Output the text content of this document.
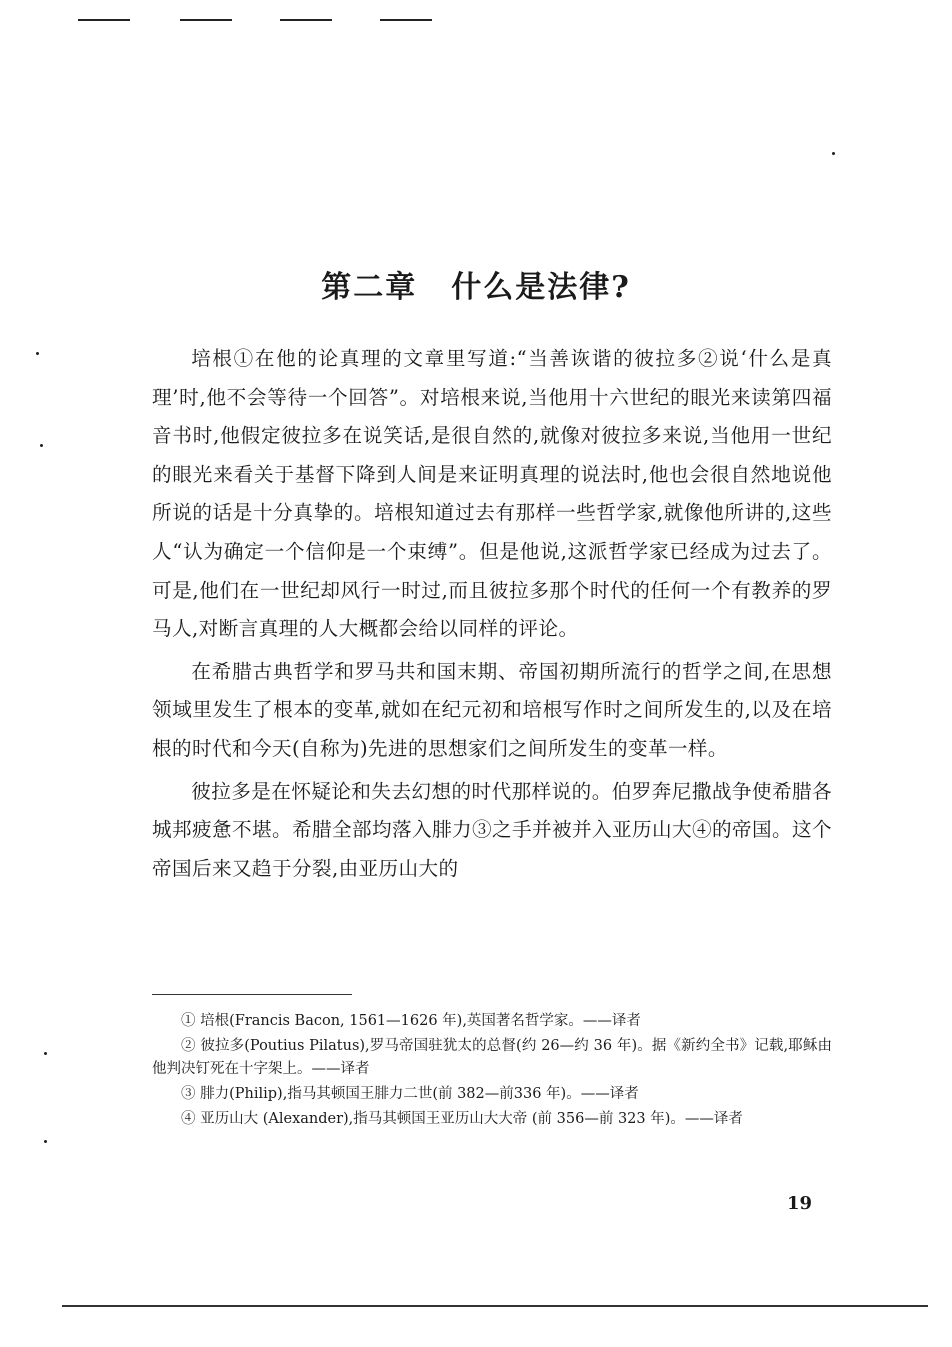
第二章 什么是法律?

培根①在他的论真理的文章里写道:“当善诙谐的彼拉多②说‘什么是真理’时,他不会等待一个回答”。对培根来说,当他用十六世纪的眼光来读第四福音书时,他假定彼拉多在说笑话,是很自然的,就像对彼拉多来说,当他用一世纪的眼光来看关于基督下降到人间是来证明真理的说法时,他也会很自然地说他所说的话是十分真挚的。培根知道过去有那样一些哲学家,就像他所讲的,这些人“认为确定一个信仰是一个束缚”。但是他说,这派哲学家已经成为过去了。可是,他们在一世纪却风行一时过,而且彼拉多那个时代的任何一个有教养的罗马人,对断言真理的人大概都会给以同样的评论。

在希腊古典哲学和罗马共和国末期、帝国初期所流行的哲学之间,在思想领域里发生了根本的变革,就如在纪元初和培根写作时之间所发生的,以及在培根的时代和今天(自称为)先进的思想家们之间所发生的变革一样。

彼拉多是在怀疑论和失去幻想的时代那样说的。伯罗奔尼撒战争使希腊各城邦疲惫不堪。希腊全部均落入腓力③之手并被并入亚历山大④的帝国。这个帝国后来又趋于分裂,由亚历山大的

① 培根(Francis Bacon, 1561—1626 年),英国著名哲学家。——译者

② 彼拉多(Poutius Pilatus),罗马帝国驻犹太的总督(约 26—约 36 年)。据《新约全书》记载,耶稣由他判决钉死在十字架上。——译者

③ 腓力(Philip),指马其顿国王腓力二世(前 382—前336 年)。——译者

④ 亚历山大 (Alexander),指马其顿国王亚历山大大帝 (前 356—前 323 年)。——译者

19
